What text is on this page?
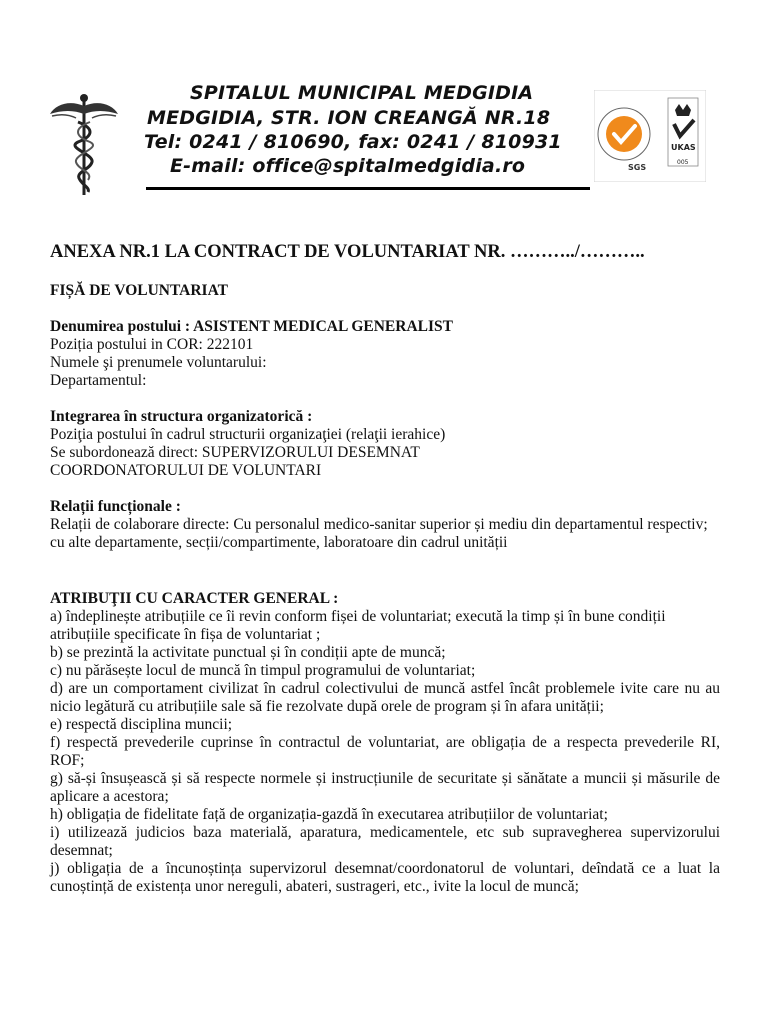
SPITALUL MUNICIPAL MEDGIDIA
MEDGIDIA, STR. ION CREANGĂ NR.18
Tel: 0241 / 810690, fax: 0241 / 810931
E-mail: office@spitalmedgidia.ro	SGS
UKAS
005
ANEXA NR.1 LA CONTRACT DE VOLUNTARIAT NR. ………../………..
FIȘĂ DE VOLUNTARIAT

Denumirea postului : ASISTENT MEDICAL GENERALIST

Poziția postului in COR: 222101

Numele şi prenumele voluntarului:

Departamentul:

Integrarea în structura organizatorică :

Poziţia postului în cadrul structurii organizaţiei (relaţii ierahice)

Se subordonează direct: SUPERVIZORULUI DESEMNAT

COORDONATORULUI DE VOLUNTARI

Relații funcționale :

Relații de colaborare directe: Cu personalul medico-sanitar superior și mediu din departamentul respectiv; cu alte departamente, secții/compartimente, laboratoare din cadrul unității

ATRIBUŢII CU CARACTER GENERAL :

a) îndeplinește atribuțiile ce îi revin conform fișei de voluntariat; execută la timp și în bune condiții

atribuțiile specificate în fișa de voluntariat ;

b) se prezintă la activitate punctual și în condiții apte de muncă;

c) nu părăsește locul de muncă în timpul programului de voluntariat;

d) are un comportament civilizat în cadrul colectivului de muncă astfel încât problemele ivite care nu au nicio legătură cu atribuțiile sale să fie rezolvate după orele de program și în afara unității;

e) respectă disciplina muncii;

f) respectă prevederile cuprinse în contractul de voluntariat, are obligația de a respecta prevederile RI, ROF;

g) să-și însușească și să respecte normele și instrucțiunile de securitate și sănătate a muncii și măsurile de aplicare a acestora;

h) obligația de fidelitate față de organizația-gazdă în executarea atribuțiilor de voluntariat;

i) utilizează judicios baza materială, aparatura, medicamentele, etc sub supravegherea supervizorului desemnat;

j) obligația de a încunoștința supervizorul desemnat/coordonatorul de voluntari, deîndată ce a luat la cunoștință de existența unor nereguli, abateri, sustrageri, etc., ivite la locul de muncă;
